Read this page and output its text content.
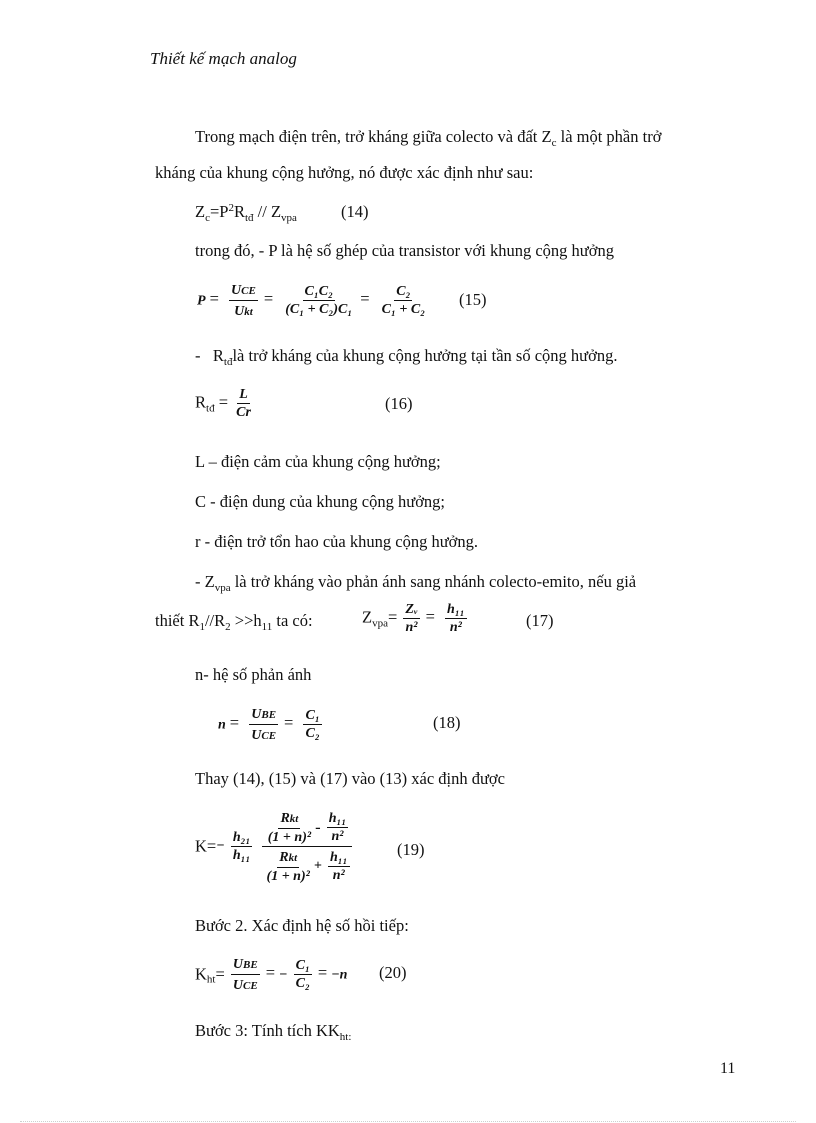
Thiết kế mạch analog
Trong mạch điện trên, trở kháng giữa colecto và đất $Z_c$ là một phần trở
kháng của khung cộng hưởng, nó được xác định như sau:
$Z_c=P^2R_{tđ} // Z_{vpa}$	(14)
trong đó, - P là hệ số ghép của transistor với khung cộng hưởng
$P = \frac{\text{UCE}}{\text{Ukt}} = \frac{\text{C₁C₂}}{\text{(C₁ + C₂)C₁}} = \frac{\text{C₂}}{\text{C₁ + C₂}} (15)$
- $R_{tđ}là$ trở kháng của khung cộng hưởng tại tần số cộng hưởng.
$R_{tđ} = \frac{L}{Cr}$	(16)
L – điện cảm của khung cộng hưởng;
C - điện dung của khung cộng hưởng;
r - điện trở tổn hao của khung cộng hưởng.
- $Z_{vpa}$ là trở kháng vào phản ánh sang nhánh colecto-emito, nếu giả
thiết $R_1//R_2 >>h_{11}$ ta có:	$Z_{vpa}= \frac{\text{Zᵥ}}{\text{n²}} = \frac{\text{h₁₁}}{\text{n²}}$	(17)
n- hệ số phản ánh
$n = \frac{\text{UBE}}{\text{UCE}} = \frac{\text{C₁}}{\text{C₂}}$	(18)
Thay (14), (15) và (17) vào (13) xác định được
$K=- \frac{\text{h₂₁}}{\text{h₁₁}}$
$\frac{\frac{\text{Rkt}}{\text{(1 + n)²}} - \frac{\text{h₁₁}}{\text{n²}}}{\frac{\text{Rkt}}{\text{(1 + n)²}} + \frac{\text{h₁₁}}{\text{n²}}}$	(19)
Bước 2. Xác định hệ số hồi tiếp:
$K_{ht}= \frac{\text{UBE}}{\text{UCE}}$ = − $\frac{\text{C₁}}{\text{C₂}} = -n$ (20)
Bước 3: Tính tích $KK_{ht:}$
11
